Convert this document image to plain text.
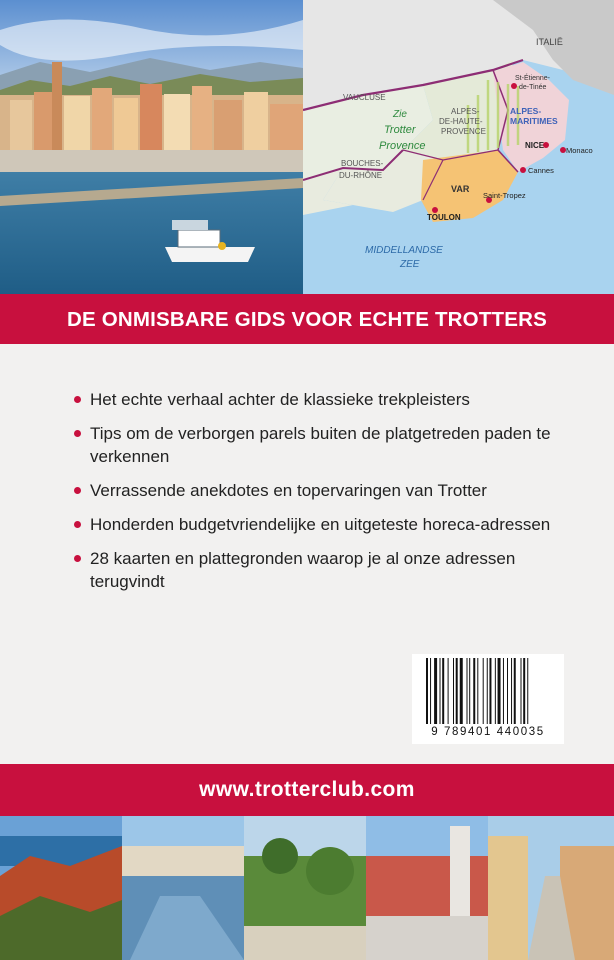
ITALIË
St-Étienne-
de-Tinée
VAUCLUSE
ALPES-
DE-HAUTE-
PROVENCE
Zie
Trotter
Provence
ALPES-
MARITIMES
BOUCHES-
DU-RHÔNE
NICE
Monaco
Cannes
VAR
Saint-Tropez
TOULON
MIDDELLANDSE
ZEE
DE ONMISBARE GIDS VOOR ECHTE TROTTERS
Het echte verhaal achter de klassieke trekpleisters
Tips om de verborgen parels buiten de platgetreden paden te verkennen
Verrassende anekdotes en topervaringen van Trotter
Honderden budgetvriendelijke en uitgeteste horeca-adressen
28 kaarten en plattegronden waarop je al onze adressen terugvindt
9 789401 440035
www.trotterclub.com
